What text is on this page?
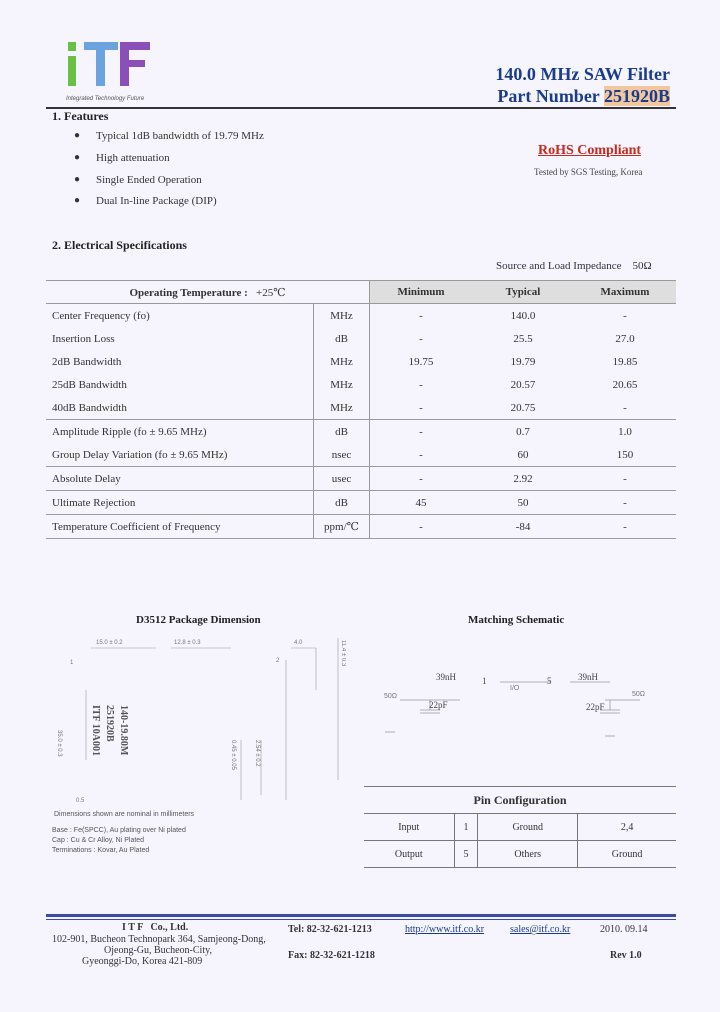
Integrated Technology Future
140.0 MHz SAW Filter
Part Number 251920B
1. Features
● Typical 1dB bandwidth of 19.79 MHz
● High attenuation
● Single Ended Operation
● Dual In-line Package (DIP)
RoHS Compliant
Tested by SGS Testing, Korea
2. Electrical Specifications
Source and Load Impedance 50Ω
Operating Temperature : +25℃		Minimum	Typical	Maximum
Center Frequency (fo)	MHz	-	140.0	-
Insertion Loss	dB	-	25.5	27.0
2dB Bandwidth	MHz	19.75	19.79	19.85
25dB Bandwidth	MHz	-	20.57	20.65
40dB Bandwidth	MHz	-	20.75	-
Amplitude Ripple (fo ± 9.65 MHz)	dB	-	0.7	1.0
Group Delay Variation (fo ± 9.65 MHz)	nsec	-	60	150
Absolute Delay	usec	-	2.92	-
Ultimate Rejection	dB	45	50	-
Temperature Coefficient of Frequency	ppm/℃	-	-84	-
D3512 Package Dimension
15.0 ± 0.2	12.8 ± 0.3	4.0
1	2
35.0 ± 0.3	0.45 ± 0.05	2.54 ± 0.2
11.4 ± 0.3
0.5
ITF 10A001 251920B 140-19.80M
Dimensions shown are nominal in millimeters
Base : Fe(SPCC), Au plating over Ni plated
Cap : Cu & Cr Alloy, Ni Plated
Terminations : Kovar, Au Plated
Matching Schematic
50Ω	50Ω
I/O
39nH	39nH
22pF	22pF
1	5
Pin Configuration			
Input	1	Ground	2,4
Output	5	Others	Ground
I T F   Co., Ltd.
102-901, Bucheon Technopark 364, Samjeong-Dong,
Ojeong-Gu, Bucheon-City,
Gyeonggi-Do, Korea 421-809
Tel: 82-32-621-1213
Fax: 82-32-621-1218
http://www.itf.co.kr	sales@itf.co.kr	2010. 09.14
Rev 1.0
